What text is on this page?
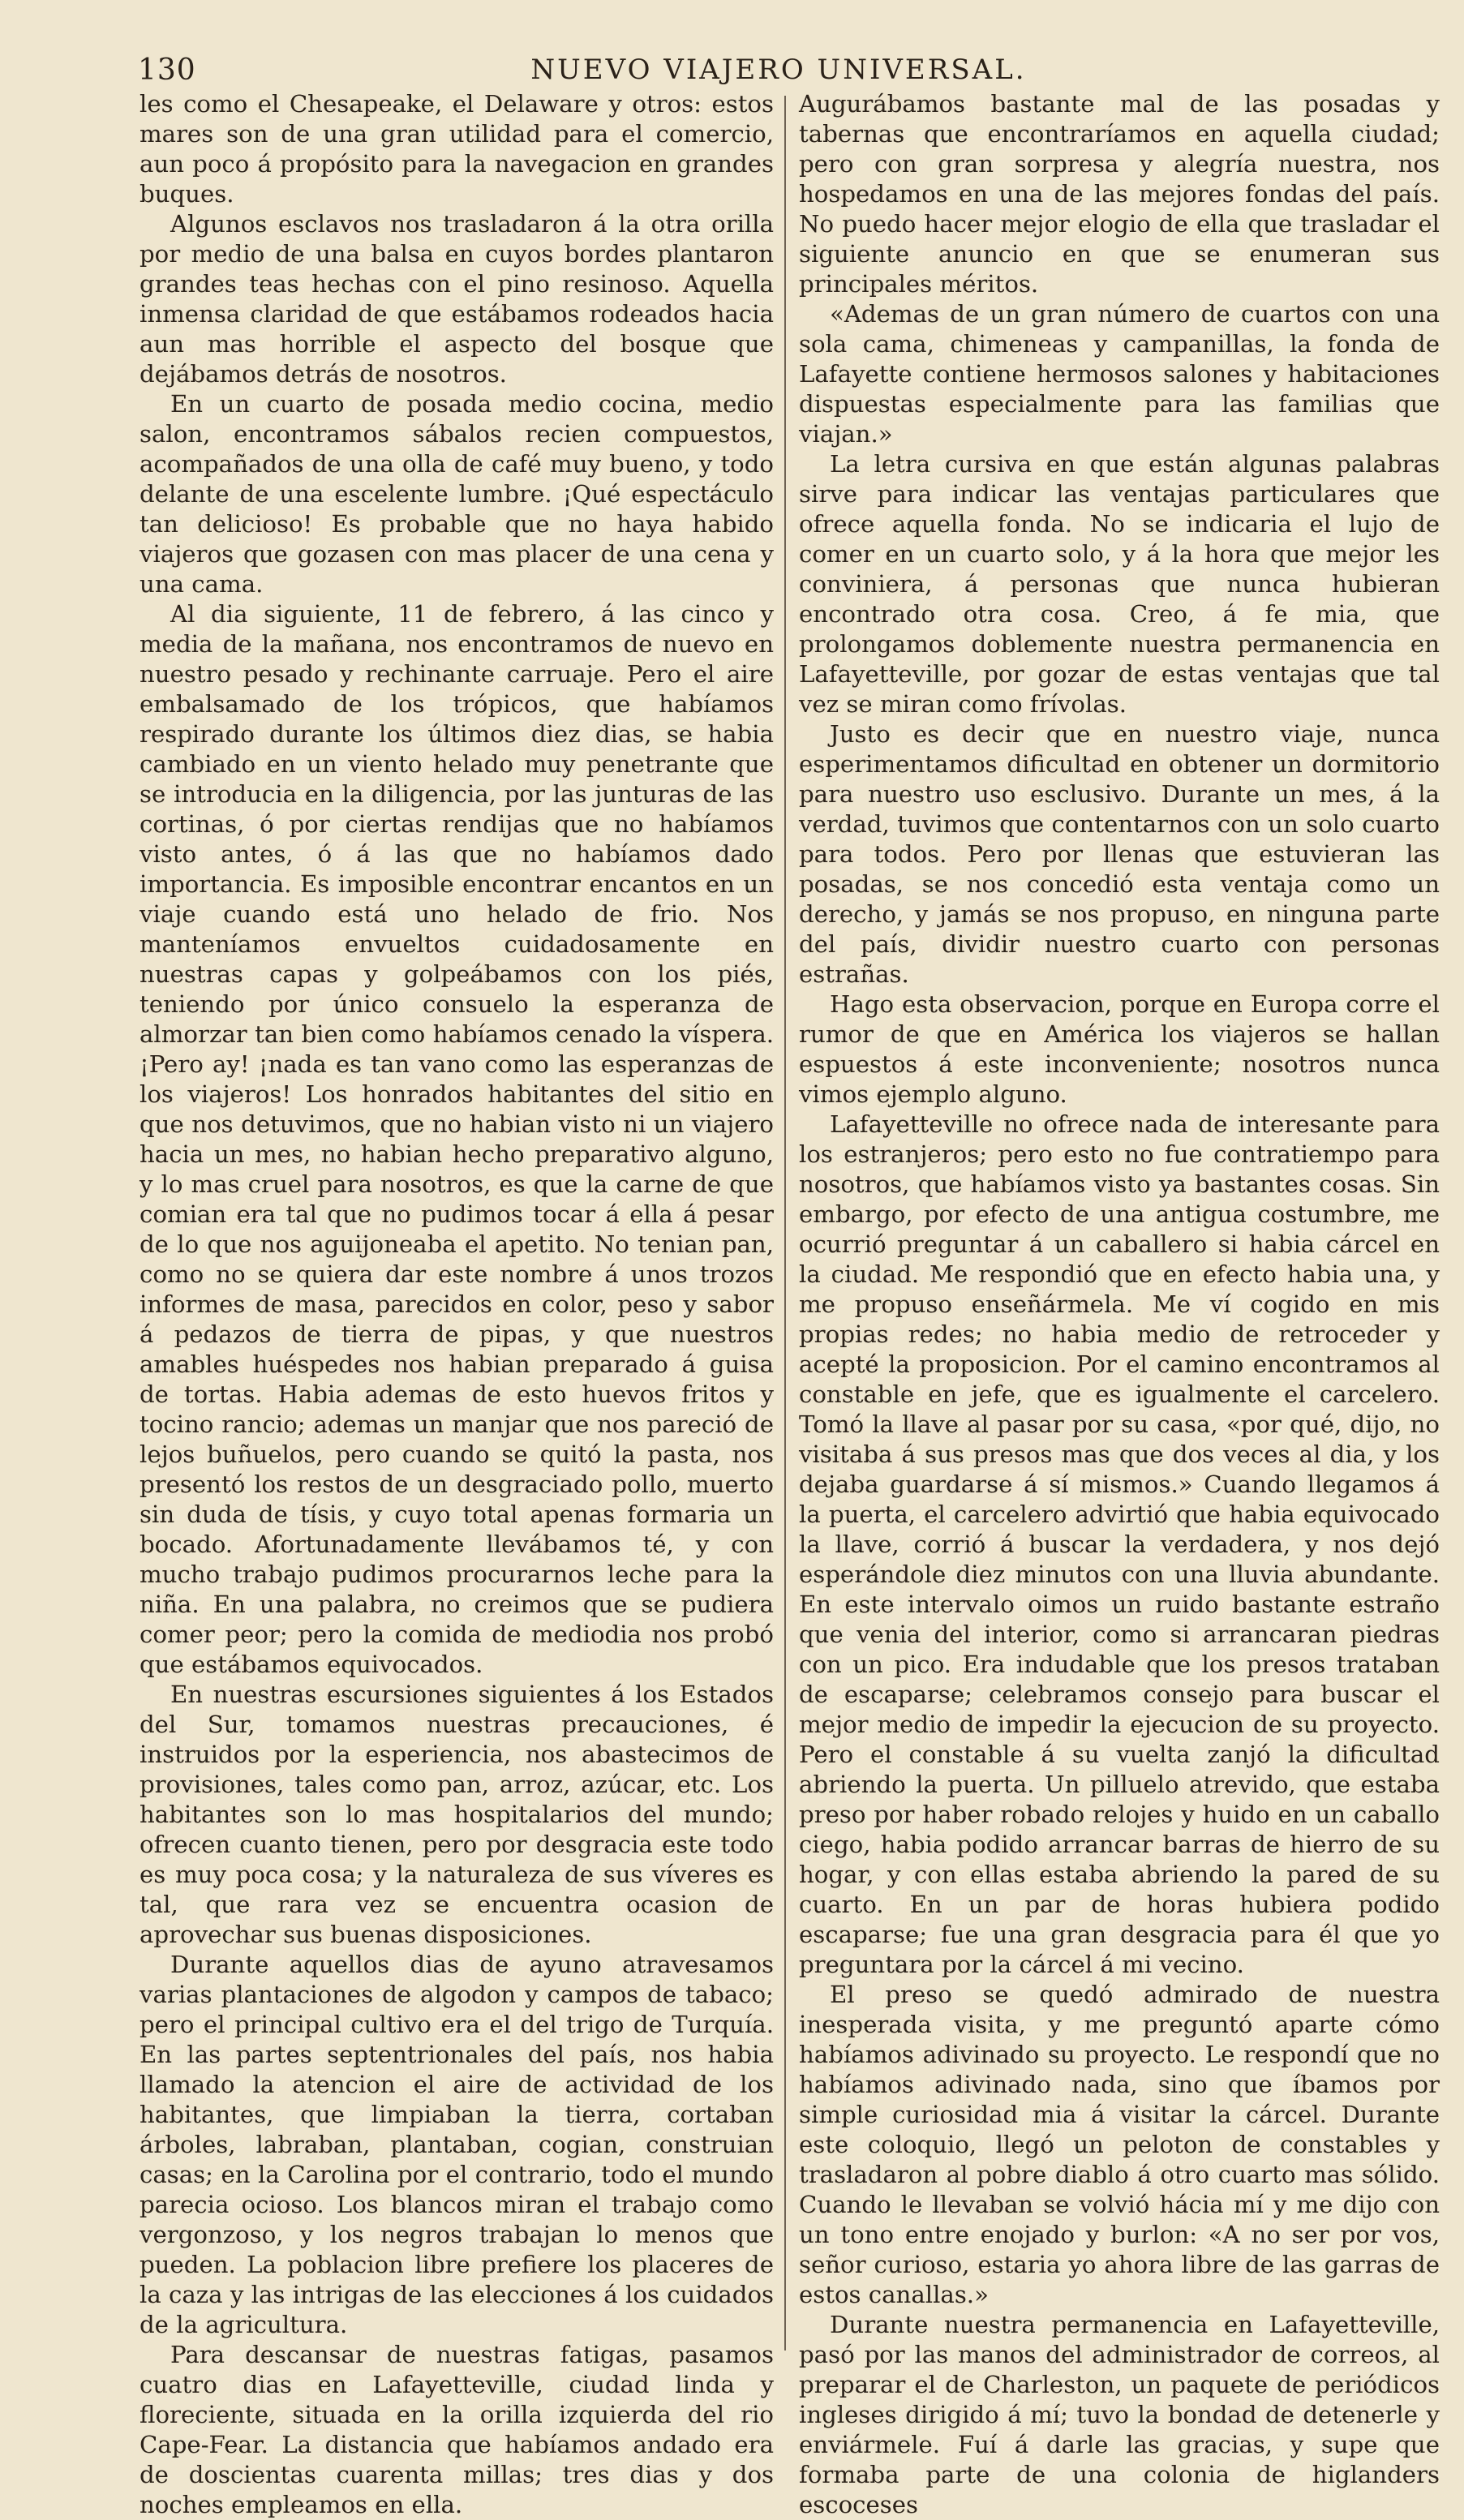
130	NUEVO VIAJERO UNIVERSAL.

les como el Chesapeake, el Delaware y otros: estos mares son de una gran utilidad para el comercio, aun poco á propósito para la navegacion en grandes buques.

Algunos esclavos nos trasladaron á la otra orilla por medio de una balsa en cuyos bordes plantaron grandes teas hechas con el pino resinoso. Aquella inmensa claridad de que estábamos rodeados hacia aun mas horrible el aspecto del bosque que dejábamos detrás de nosotros.

En un cuarto de posada medio cocina, medio salon, encontramos sábalos recien compuestos, acompañados de una olla de café muy bueno, y todo delante de una escelente lumbre. ¡Qué espectáculo tan delicioso! Es probable que no haya habido viajeros que gozasen con mas placer de una cena y una cama.

Al dia siguiente, 11 de febrero, á las cinco y media de la mañana, nos encontramos de nuevo en nuestro pesado y rechinante carruaje. Pero el aire embalsamado de los trópicos, que habíamos respirado durante los últimos diez dias, se habia cambiado en un viento helado muy penetrante que se introducia en la diligencia, por las junturas de las cortinas, ó por ciertas rendijas que no habíamos visto antes, ó á las que no habíamos dado importancia. Es imposible encontrar encantos en un viaje cuando está uno helado de frio. Nos manteníamos envueltos cuidadosamente en nuestras capas y golpeábamos con los piés, teniendo por único consuelo la esperanza de almorzar tan bien como habíamos cenado la víspera. ¡Pero ay! ¡nada es tan vano como las esperanzas de los viajeros! Los honrados habitantes del sitio en que nos detuvimos, que no habian visto ni un viajero hacia un mes, no habian hecho preparativo alguno, y lo mas cruel para nosotros, es que la carne de que comian era tal que no pudimos tocar á ella á pesar de lo que nos aguijoneaba el apetito. No tenian pan, como no se quiera dar este nombre á unos trozos informes de masa, parecidos en color, peso y sabor á pedazos de tierra de pipas, y que nuestros amables huéspedes nos habian preparado á guisa de tortas. Habia ademas de esto huevos fritos y tocino rancio; ademas un manjar que nos pareció de lejos buñuelos, pero cuando se quitó la pasta, nos presentó los restos de un desgraciado pollo, muerto sin duda de tísis, y cuyo total apenas formaria un bocado. Afortunadamente llevábamos té, y con mucho trabajo pudimos procurarnos leche para la niña. En una palabra, no creimos que se pudiera comer peor; pero la comida de mediodia nos probó que estábamos equivocados.

En nuestras escursiones siguientes á los Estados del Sur, tomamos nuestras precauciones, é instruidos por la esperiencia, nos abastecimos de provisiones, tales como pan, arroz, azúcar, etc. Los habitantes son lo mas hospitalarios del mundo; ofrecen cuanto tienen, pero por desgracia este todo es muy poca cosa; y la naturaleza de sus víveres es tal, que rara vez se encuentra ocasion de aprovechar sus buenas disposiciones.

Durante aquellos dias de ayuno atravesamos varias plantaciones de algodon y campos de tabaco; pero el principal cultivo era el del trigo de Turquía. En las partes septentrionales del país, nos habia llamado la atencion el aire de actividad de los habitantes, que limpiaban la tierra, cortaban árboles, labraban, plantaban, cogian, construian casas; en la Carolina por el contrario, todo el mundo parecia ocioso. Los blancos miran el trabajo como vergonzoso, y los negros trabajan lo menos que pueden. La poblacion libre prefiere los placeres de la caza y las intrigas de las elecciones á los cuidados de la agricultura.

Para descansar de nuestras fatigas, pasamos cuatro dias en Lafayetteville, ciudad linda y floreciente, situada en la orilla izquierda del rio Cape-Fear. La distancia que habíamos andado era de doscientas cuarenta millas; tres dias y dos noches empleamos en ella.

Augurábamos bastante mal de las posadas y tabernas que encontraríamos en aquella ciudad; pero con gran sorpresa y alegría nuestra, nos hospedamos en una de las mejores fondas del país. No puedo hacer mejor elogio de ella que trasladar el siguiente anuncio en que se enumeran sus principales méritos.

«Ademas de un gran número de cuartos con una sola cama, chimeneas y campanillas, la fonda de Lafayette contiene hermosos salones y habitaciones dispuestas especialmente para las familias que viajan.»

La letra cursiva en que están algunas palabras sirve para indicar las ventajas particulares que ofrece aquella fonda. No se indicaria el lujo de comer en un cuarto solo, y á la hora que mejor les conviniera, á personas que nunca hubieran encontrado otra cosa. Creo, á fe mia, que prolongamos doblemente nuestra permanencia en Lafayetteville, por gozar de estas ventajas que tal vez se miran como frívolas.

Justo es decir que en nuestro viaje, nunca esperimentamos dificultad en obtener un dormitorio para nuestro uso esclusivo. Durante un mes, á la verdad, tuvimos que contentarnos con un solo cuarto para todos. Pero por llenas que estuvieran las posadas, se nos concedió esta ventaja como un derecho, y jamás se nos propuso, en ninguna parte del país, dividir nuestro cuarto con personas estrañas.

Hago esta observacion, porque en Europa corre el rumor de que en América los viajeros se hallan espuestos á este inconveniente; nosotros nunca vimos ejemplo alguno.

Lafayetteville no ofrece nada de interesante para los estranjeros; pero esto no fue contratiempo para nosotros, que habíamos visto ya bastantes cosas. Sin embargo, por efecto de una antigua costumbre, me ocurrió preguntar á un caballero si habia cárcel en la ciudad. Me respondió que en efecto habia una, y me propuso enseñármela. Me ví cogido en mis propias redes; no habia medio de retroceder y acepté la proposicion. Por el camino encontramos al constable en jefe, que es igualmente el carcelero. Tomó la llave al pasar por su casa, «por qué, dijo, no visitaba á sus presos mas que dos veces al dia, y los dejaba guardarse á sí mismos.» Cuando llegamos á la puerta, el carcelero advirtió que habia equivocado la llave, corrió á buscar la verdadera, y nos dejó esperándole diez minutos con una lluvia abundante. En este intervalo oimos un ruido bastante estraño que venia del interior, como si arrancaran piedras con un pico. Era indudable que los presos trataban de escaparse; celebramos consejo para buscar el mejor medio de impedir la ejecucion de su proyecto. Pero el constable á su vuelta zanjó la dificultad abriendo la puerta. Un pilluelo atrevido, que estaba preso por haber robado relojes y huido en un caballo ciego, habia podido arrancar barras de hierro de su hogar, y con ellas estaba abriendo la pared de su cuarto. En un par de horas hubiera podido escaparse; fue una gran desgracia para él que yo preguntara por la cárcel á mi vecino.

El preso se quedó admirado de nuestra inesperada visita, y me preguntó aparte cómo habíamos adivinado su proyecto. Le respondí que no habíamos adivinado nada, sino que íbamos por simple curiosidad mia á visitar la cárcel. Durante este coloquio, llegó un peloton de constables y trasladaron al pobre diablo á otro cuarto mas sólido. Cuando le llevaban se volvió hácia mí y me dijo con un tono entre enojado y burlon: «A no ser por vos, señor curioso, estaria yo ahora libre de las garras de estos canallas.»

Durante nuestra permanencia en Lafayetteville, pasó por las manos del administrador de correos, al preparar el de Charleston, un paquete de periódicos ingleses dirigido á mí; tuvo la bondad de detenerle y enviármele. Fuí á darle las gracias, y supe que formaba parte de una colonia de higlanders escoceses
